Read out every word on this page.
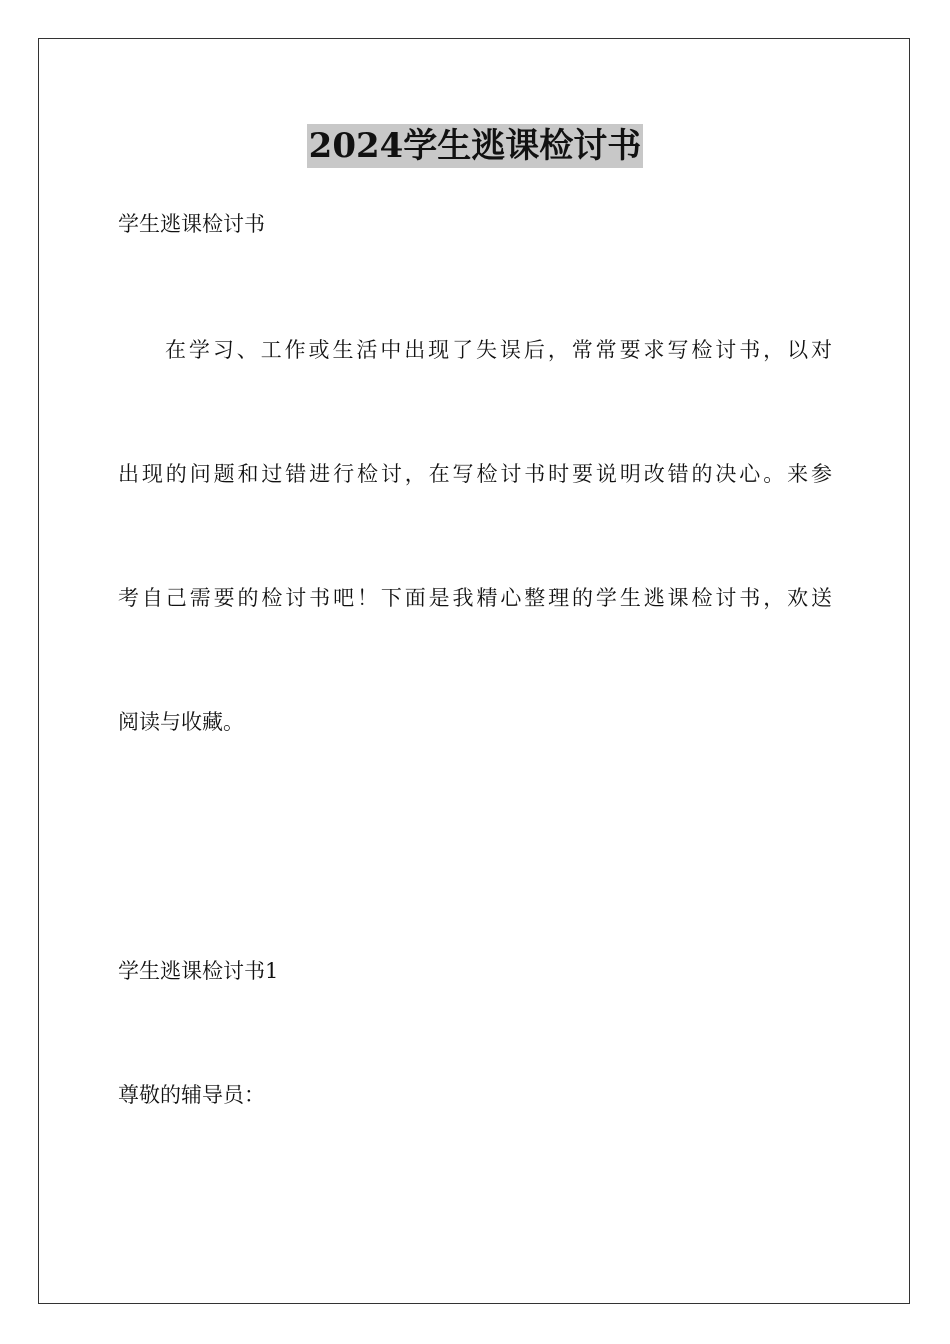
2024学生逃课检讨书
学生逃课检讨书
在学习、工作或生活中出现了失误后，常常要求写检讨书，以对
出现的问题和过错进行检讨，在写检讨书时要说明改错的决心。来参
考自己需要的检讨书吧！下面是我精心整理的学生逃课检讨书，欢送
阅读与收藏。
学生逃课检讨书1
尊敬的辅导员：
